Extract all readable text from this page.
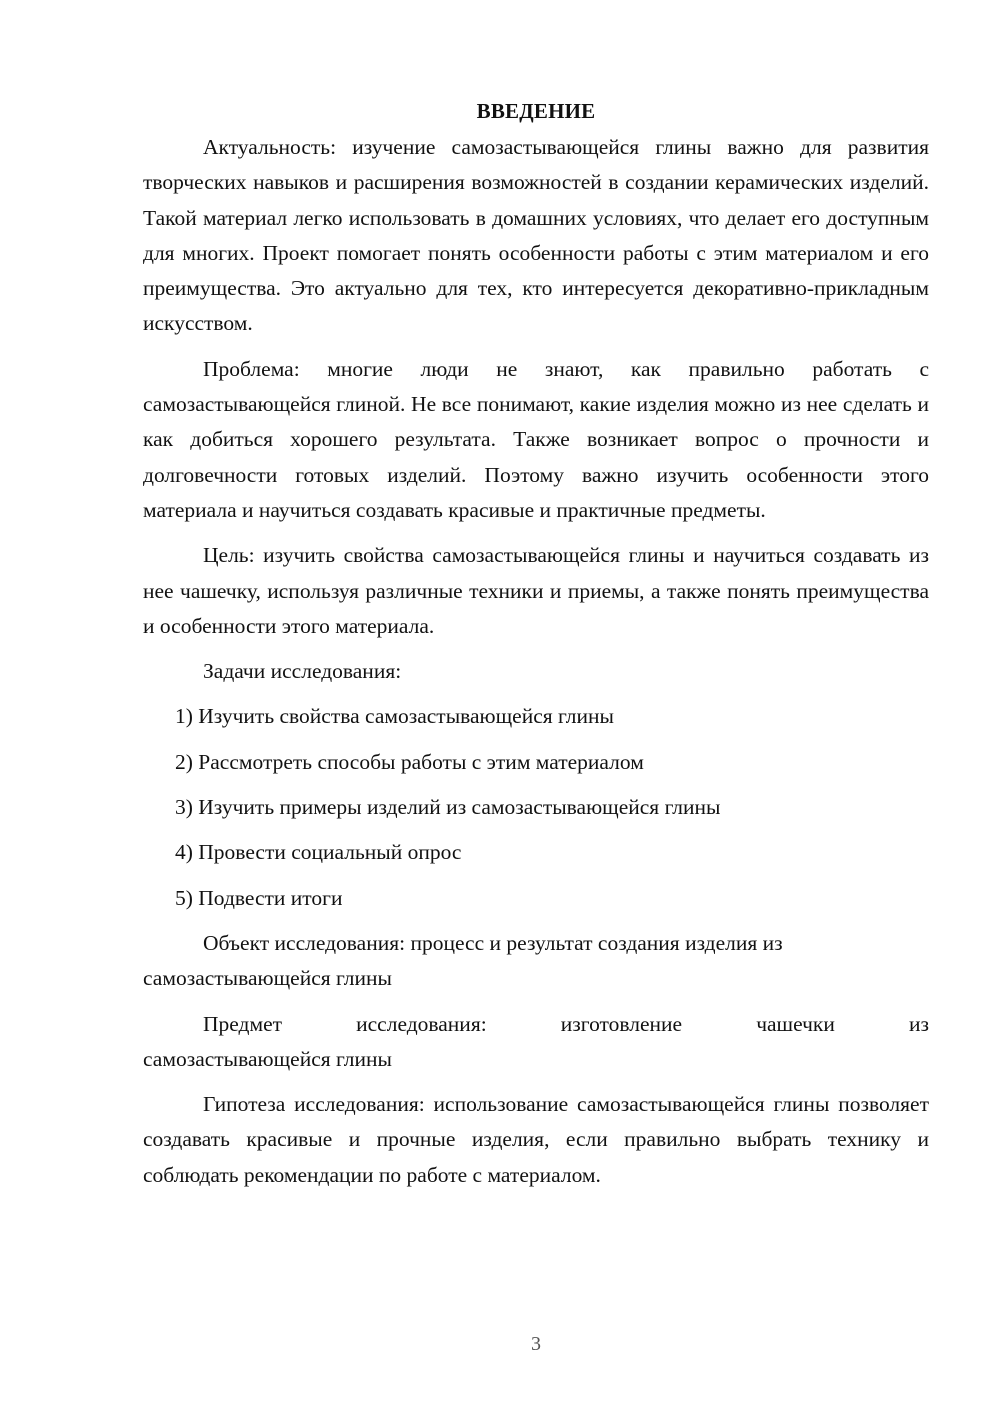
ВВЕДЕНИЕ

Актуальность: изучение самозастывающейся глины важно для развития творческих навыков и расширения возможностей в создании керамических изделий. Такой материал легко использовать в домашних условиях, что делает его доступным для многих. Проект помогает понять особенности работы с этим материалом и его преимущества. Это актуально для тех, кто интересуется декоративно-прикладным искусством.

Проблема: многие люди не знают, как правильно работать с самозастывающейся глиной. Не все понимают, какие изделия можно из нее сделать и как добиться хорошего результата. Также возникает вопрос о прочности и долговечности готовых изделий. Поэтому важно изучить особенности этого материала и научиться создавать красивые и практичные предметы.

Цель: изучить свойства самозастывающейся глины и научиться создавать из нее чашечку, используя различные техники и приемы, а также понять преимущества и особенности этого материала.

Задачи исследования:
1) Изучить свойства самозастывающейся глины
2) Рассмотреть способы работы с этим материалом
3) Изучить примеры изделий из самозастывающейся глины
4) Провести социальный опрос
5) Подвести итоги

Объект исследования: процесс и результат создания изделия из самозастывающейся глины

Предмет	исследования:	изготовление	чашечки	из
самозастывающейся глины

Гипотеза исследования: использование самозастывающейся глины позволяет создавать красивые и прочные изделия, если правильно выбрать технику и соблюдать рекомендации по работе с материалом.

3
